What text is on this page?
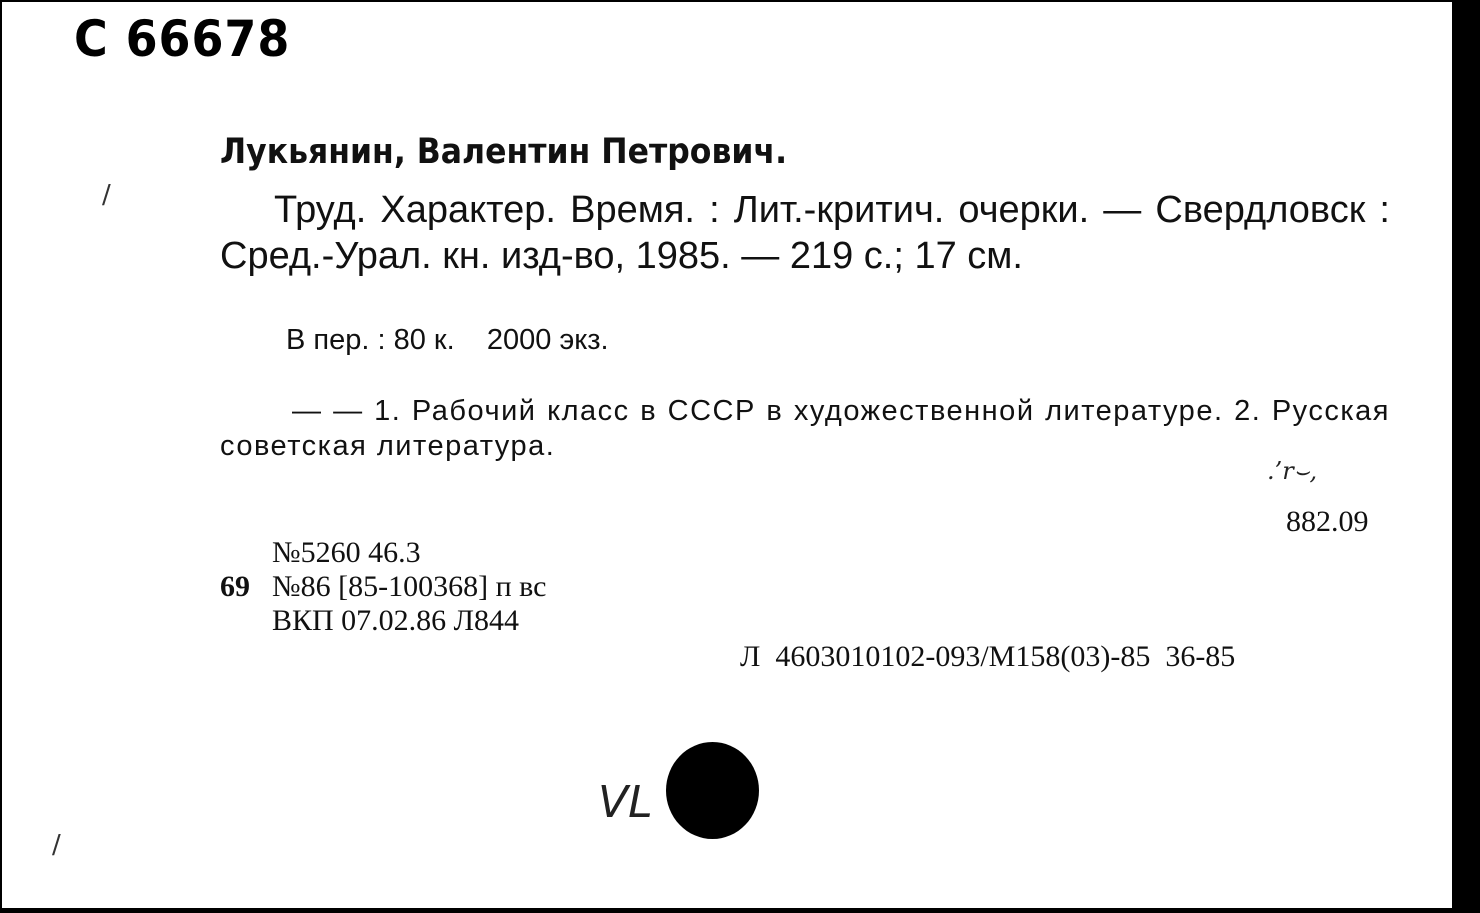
C 66678
Лукьянин, Валентин Петрович.
Труд. Характер. Время. : Лит.-критич. очерки. — Свердловск : Сред.-Урал. кн. изд-во, 1985. — 219 с.; 17 см.
В пер. : 80 к.    2000 экз.
— — 1. Рабочий класс в СССР в художественной литературе. 2. Русская советская литература.
.’r⌣,
882.09
№5260 46.3
69 №86 [85-100368] п вс
ВКП 07.02.86 Л844
Л  4603010102-093/М158(03)-85  36-85
VL
/
/
